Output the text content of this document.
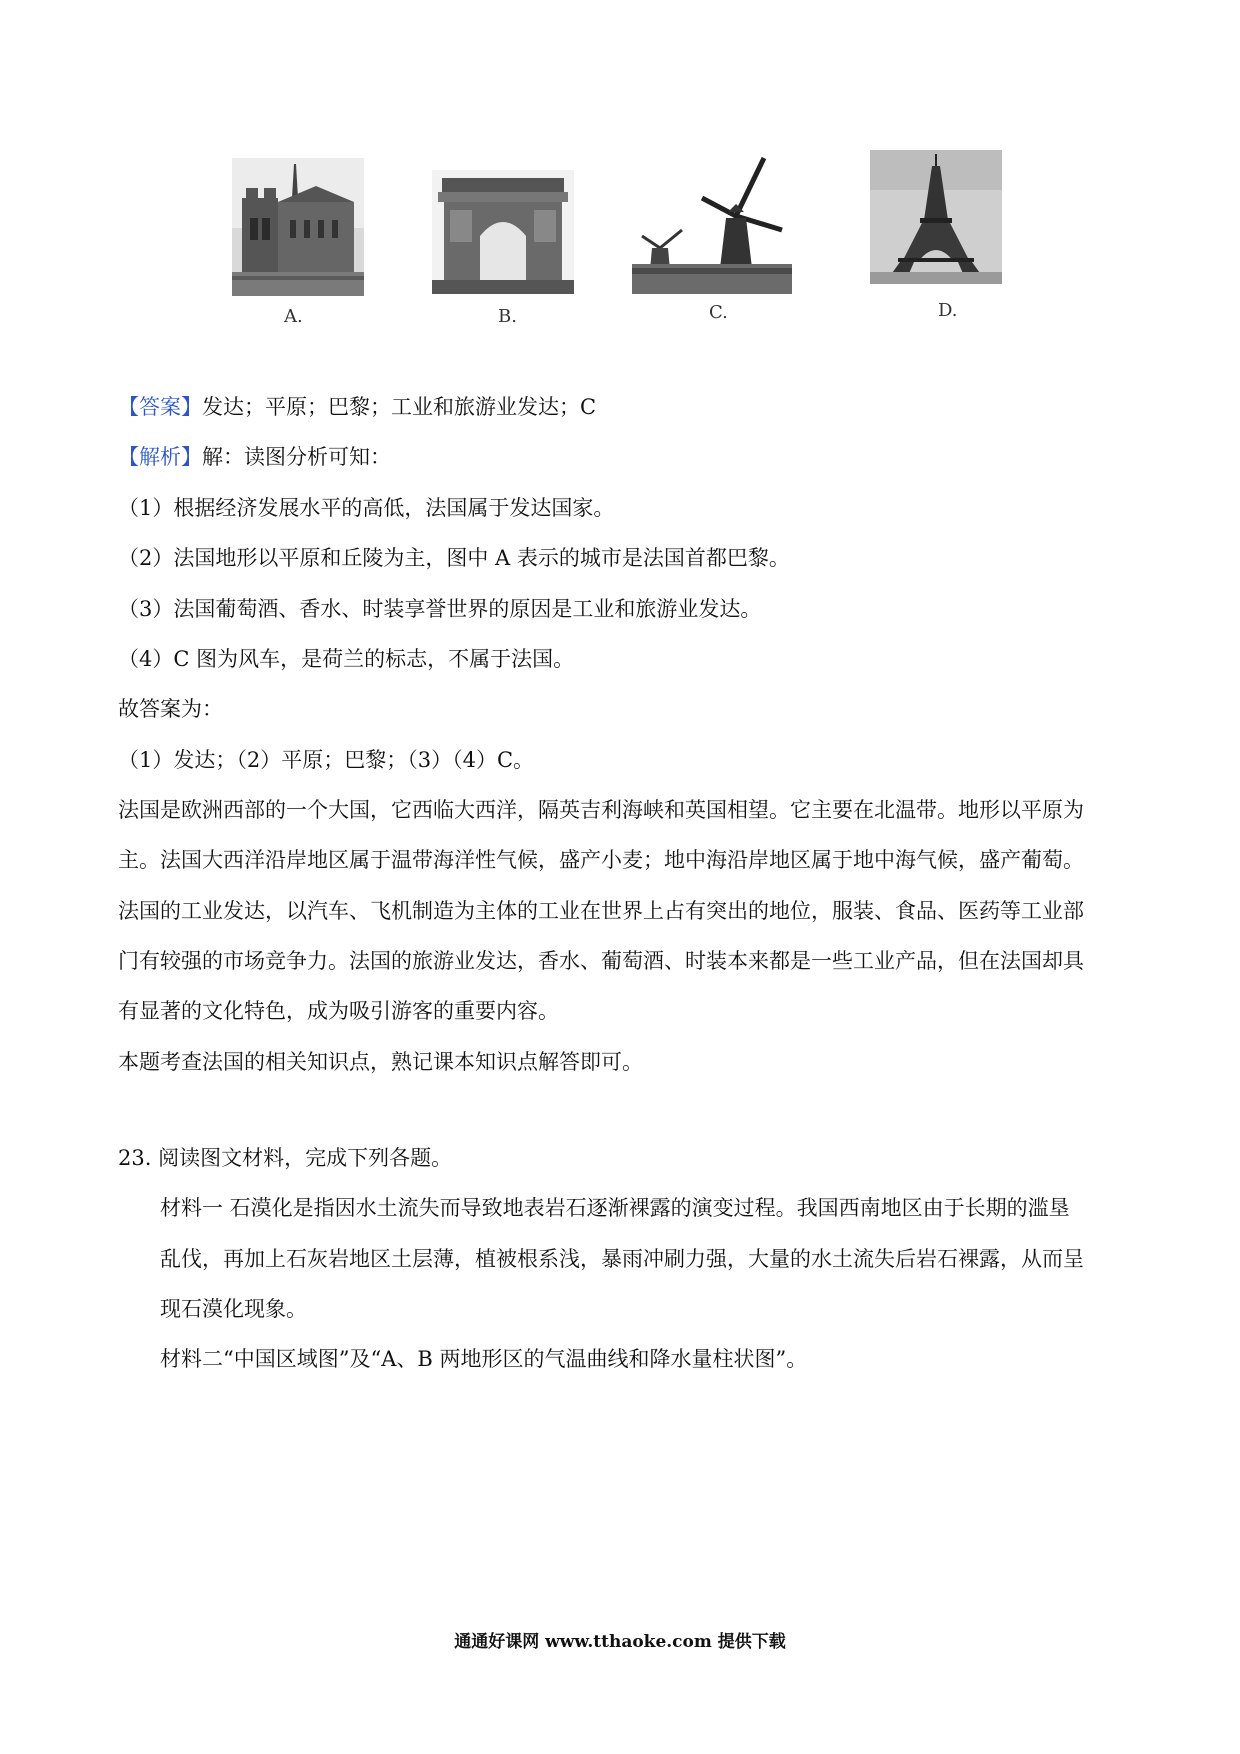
A.	B.	C.	D.
【答案】发达；平原；巴黎；工业和旅游业发达；C
【解析】解：读图分析可知：
（1）根据经济发展水平的高低，法国属于发达国家。
（2）法国地形以平原和丘陵为主，图中 A 表示的城市是法国首都巴黎。
（3）法国葡萄酒、香水、时装享誉世界的原因是工业和旅游业发达。
（4）C 图为风车，是荷兰的标志，不属于法国。
故答案为：
（1）发达；（2）平原；巴黎；（3）（4）C。
法国是欧洲西部的一个大国，它西临大西洋，隔英吉利海峡和英国相望。它主要在北温带。地形以平原为
主。法国大西洋沿岸地区属于温带海洋性气候，盛产小麦；地中海沿岸地区属于地中海气候，盛产葡萄。
法国的工业发达，以汽车、飞机制造为主体的工业在世界上占有突出的地位，服装、食品、医药等工业部
门有较强的市场竞争力。法国的旅游业发达，香水、葡萄酒、时装本来都是一些工业产品，但在法国却具
有显著的文化特色，成为吸引游客的重要内容。
本题考查法国的相关知识点，熟记课本知识点解答即可。
23. 阅读图文材料，完成下列各题。
材料一 石漠化是指因水土流失而导致地表岩石逐渐裸露的演变过程。我国西南地区由于长期的滥垦
乱伐，再加上石灰岩地区土层薄，植被根系浅，暴雨冲刷力强，大量的水土流失后岩石裸露，从而呈
现石漠化现象。
材料二“中国区域图”及“A、B 两地形区的气温曲线和降水量柱状图”。
通通好课网 www.tthaoke.com 提供下载
